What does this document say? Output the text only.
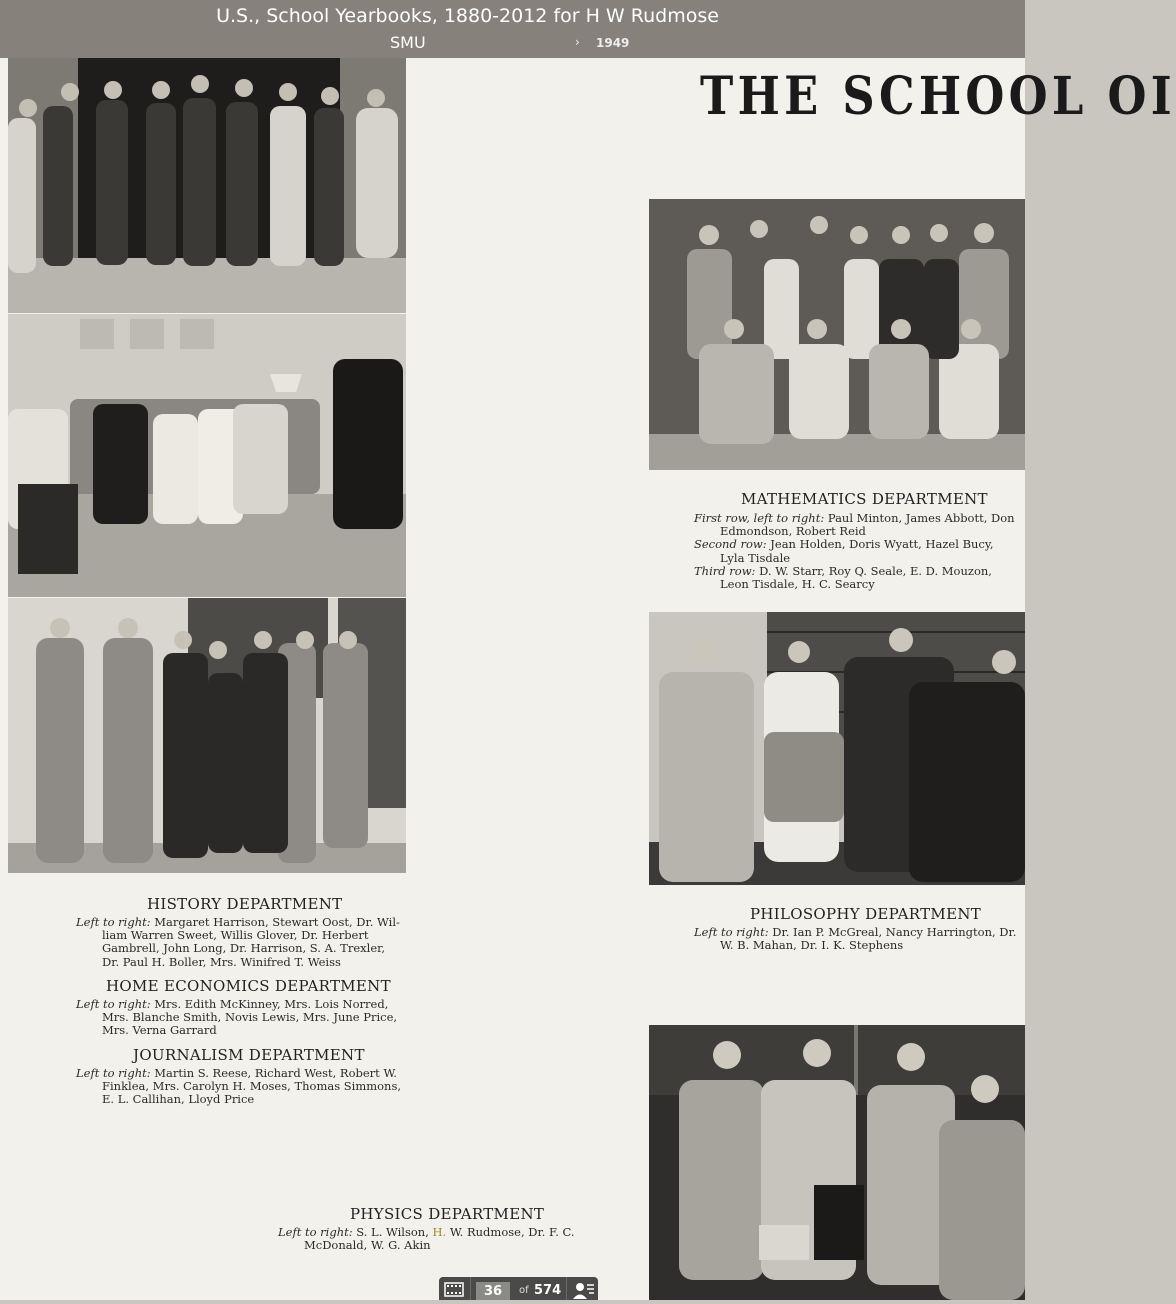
U.S., School Yearbooks, 1880-2012 for H W Rudmose
SMU	› 1949
HISTORY DEPARTMENT
Left to right: Margaret Harrison, Stewart Oost, Dr. Wil-
liam Warren Sweet, Willis Glover, Dr. Herbert
Gambrell, John Long, Dr. Harrison, S. A. Trexler,
Dr. Paul H. Boller, Mrs. Winifred T. Weiss
HOME ECONOMICS DEPARTMENT
Left to right: Mrs. Edith McKinney, Mrs. Lois Norred,
Mrs. Blanche Smith, Novis Lewis, Mrs. June Price,
Mrs. Verna Garrard
JOURNALISM DEPARTMENT
Left to right: Martin S. Reese, Richard West, Robert W.
Finklea, Mrs. Carolyn H. Moses, Thomas Simmons,
E. L. Callihan, Lloyd Price
PHYSICS DEPARTMENT
Left to right: S. L. Wilson, H. W. Rudmose, Dr. F. C.
McDonald, W. G. Akin
THE SCHOOL OI
MATHEMATICS DEPARTMENT
First row, left to right: Paul Minton, James Abbott, Don
Edmondson, Robert Reid
Second row: Jean Holden, Doris Wyatt, Hazel Bucy,
Lyla Tisdale
Third row: D. W. Starr, Roy Q. Seale, E. D. Mouzon,
Leon Tisdale, H. C. Searcy
PHILOSOPHY DEPARTMENT
Left to right: Dr. Ian P. McGreal, Nancy Harrington, Dr.
W. B. Mahan, Dr. I. K. Stephens
36
of 574
